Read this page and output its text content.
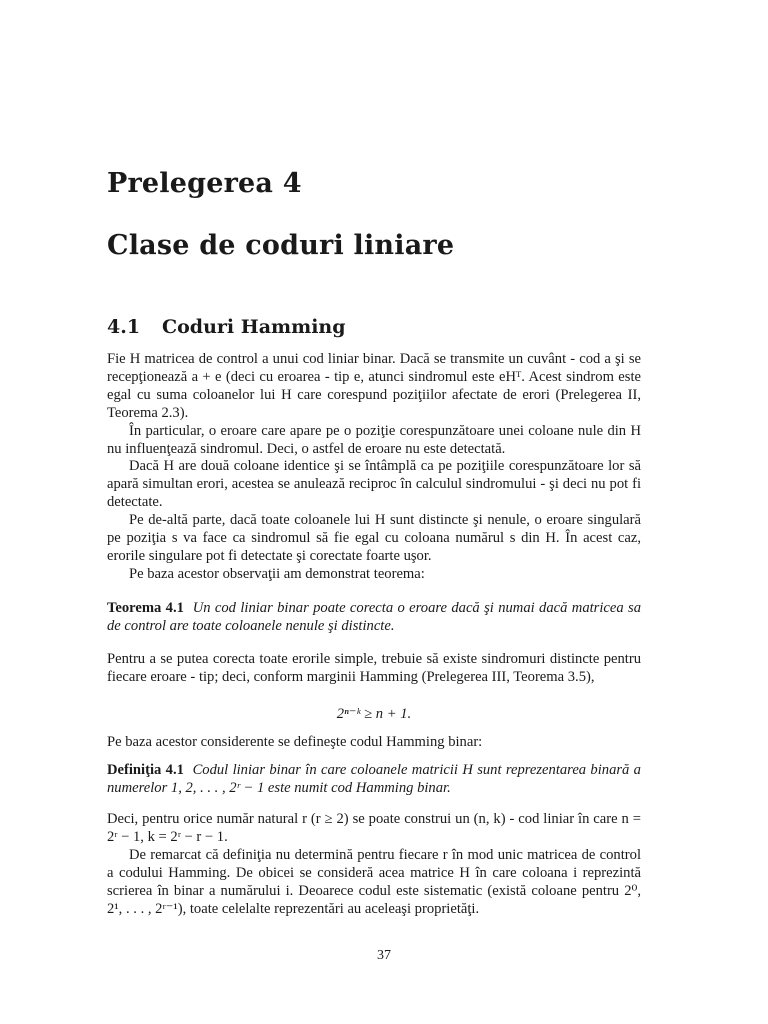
Prelegerea 4
Clase de coduri liniare
4.1 Coduri Hamming

Fie H matricea de control a unui cod liniar binar. Dacă se transmite un cuvânt - cod a şi se recepţionează a + e (deci cu eroarea - tip e, atunci sindromul este eHᵀ. Acest sindrom este egal cu suma coloanelor lui H care corespund poziţiilor afectate de erori (Prelegerea II, Teorema 2.3).

În particular, o eroare care apare pe o poziţie corespunzătoare unei coloane nule din H nu influenţează sindromul. Deci, o astfel de eroare nu este detectată.

Dacă H are două coloane identice şi se întâmplă ca pe poziţiile corespunzătoare lor să apară simultan erori, acestea se anulează reciproc în calculul sindromului - şi deci nu pot fi detectate.

Pe de-altă parte, dacă toate coloanele lui H sunt distincte şi nenule, o eroare singulară pe poziţia s va face ca sindromul să fie egal cu coloana numărul s din H. În acest caz, erorile singulare pot fi detectate şi corectate foarte uşor.

Pe baza acestor observaţii am demonstrat teorema:

Teorema 4.1 Un cod liniar binar poate corecta o eroare dacă şi numai dacă matricea sa de control are toate coloanele nenule şi distincte.

Pentru a se putea corecta toate erorile simple, trebuie să existe sindromuri distincte pentru fiecare eroare - tip; deci, conform marginii Hamming (Prelegerea III, Teorema 3.5),

2ⁿ⁻ᵏ ≥ n + 1.

Pe baza acestor considerente se defineşte codul Hamming binar:

Definiţia 4.1 Codul liniar binar în care coloanele matricii H sunt reprezentarea binară a numerelor 1, 2, . . . , 2ʳ − 1 este numit cod Hamming binar.

Deci, pentru orice număr natural r (r ≥ 2) se poate construi un (n, k) - cod liniar în care n = 2ʳ − 1, k = 2ʳ − r − 1.

De remarcat că definiţia nu determină pentru fiecare r în mod unic matricea de control a codului Hamming. De obicei se consideră acea matrice H în care coloana i reprezintă scrierea în binar a numărului i. Deoarece codul este sistematic (există coloane pentru 2⁰, 2¹, . . . , 2ʳ⁻¹), toate celelalte reprezentări au aceleaşi proprietăţi.

37
